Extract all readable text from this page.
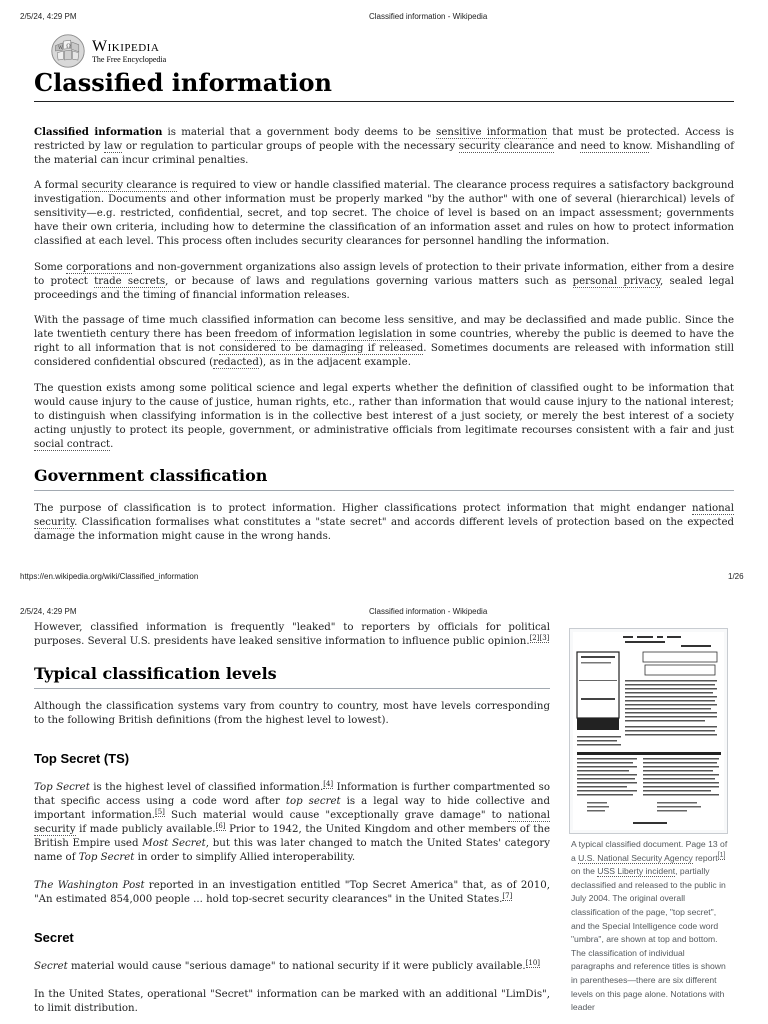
2/5/24, 4:29 PM	Classified information - Wikipedia
Ω
W Wikipedia
The Free Encyclopedia
Classified information

Classified information is material that a government body deems to be sensitive information that must be protected. Access is restricted by law or regulation to particular groups of people with the necessary security clearance and need to know. Mishandling of the material can incur criminal penalties.

A formal security clearance is required to view or handle classified material. The clearance process requires a satisfactory background investigation. Documents and other information must be properly marked "by the author" with one of several (hierarchical) levels of sensitivity—e.g. restricted, confidential, secret, and top secret. The choice of level is based on an impact assessment; governments have their own criteria, including how to determine the classification of an information asset and rules on how to protect information classified at each level. This process often includes security clearances for personnel handling the information.

Some corporations and non-government organizations also assign levels of protection to their private information, either from a desire to protect trade secrets, or because of laws and regulations governing various matters such as personal privacy, sealed legal proceedings and the timing of financial information releases.

With the passage of time much classified information can become less sensitive, and may be declassified and made public. Since the late twentieth century there has been freedom of information legislation in some countries, whereby the public is deemed to have the right to all information that is not considered to be damaging if released. Sometimes documents are released with information still considered confidential obscured (redacted), as in the adjacent example.

The question exists among some political science and legal experts whether the definition of classified ought to be information that would cause injury to the cause of justice, human rights, etc., rather than information that would cause injury to the national interest; to distinguish when classifying information is in the collective best interest of a just society, or merely the best interest of a society acting unjustly to protect its people, government, or administrative officials from legitimate recourses consistent with a fair and just social contract.

Government classification

The purpose of classification is to protect information. Higher classifications protect information that might endanger national security. Classification formalises what constitutes a "state secret" and accords different levels of protection based on the expected damage the information might cause in the wrong hands.

https://en.wikipedia.org/wiki/Classified_information	1/26
2/5/24, 4:29 PM	Classified information - Wikipedia

However, classified information is frequently "leaked" to reporters by officials for political purposes. Several U.S. presidents have leaked sensitive information to influence public opinion.[2][3]

Typical classification levels

Although the classification systems vary from country to country, most have levels corresponding to the following British definitions (from the highest level to lowest).

Top Secret (TS)

Top Secret is the highest level of classified information.[4] Information is further compartmented so that specific access using a code word after top secret is a legal way to hide collective and important information.[5] Such material would cause "exceptionally grave damage" to national security if made publicly available.[6] Prior to 1942, the United Kingdom and other members of the British Empire used Most Secret, but this was later changed to match the United States' category name of Top Secret in order to simplify Allied interoperability.

The Washington Post reported in an investigation entitled "Top Secret America" that, as of 2010, "An estimated 854,000 people ... hold top-secret security clearances" in the United States.[7]

Secret

Secret material would cause "serious damage" to national security if it were publicly available.[10]

In the United States, operational "Secret" information can be marked with an additional "LimDis", to limit distribution.

A typical classified document. Page 13 of a U.S. National Security Agency report[1] on the USS Liberty incident, partially declassified and released to the public in July 2004. The original overall classification of the page, "top secret", and the Special Intelligence code word "umbra", are shown at top and bottom. The classification of individual paragraphs and reference titles is shown in parentheses—there are six different levels on this page alone. Notations with leader
